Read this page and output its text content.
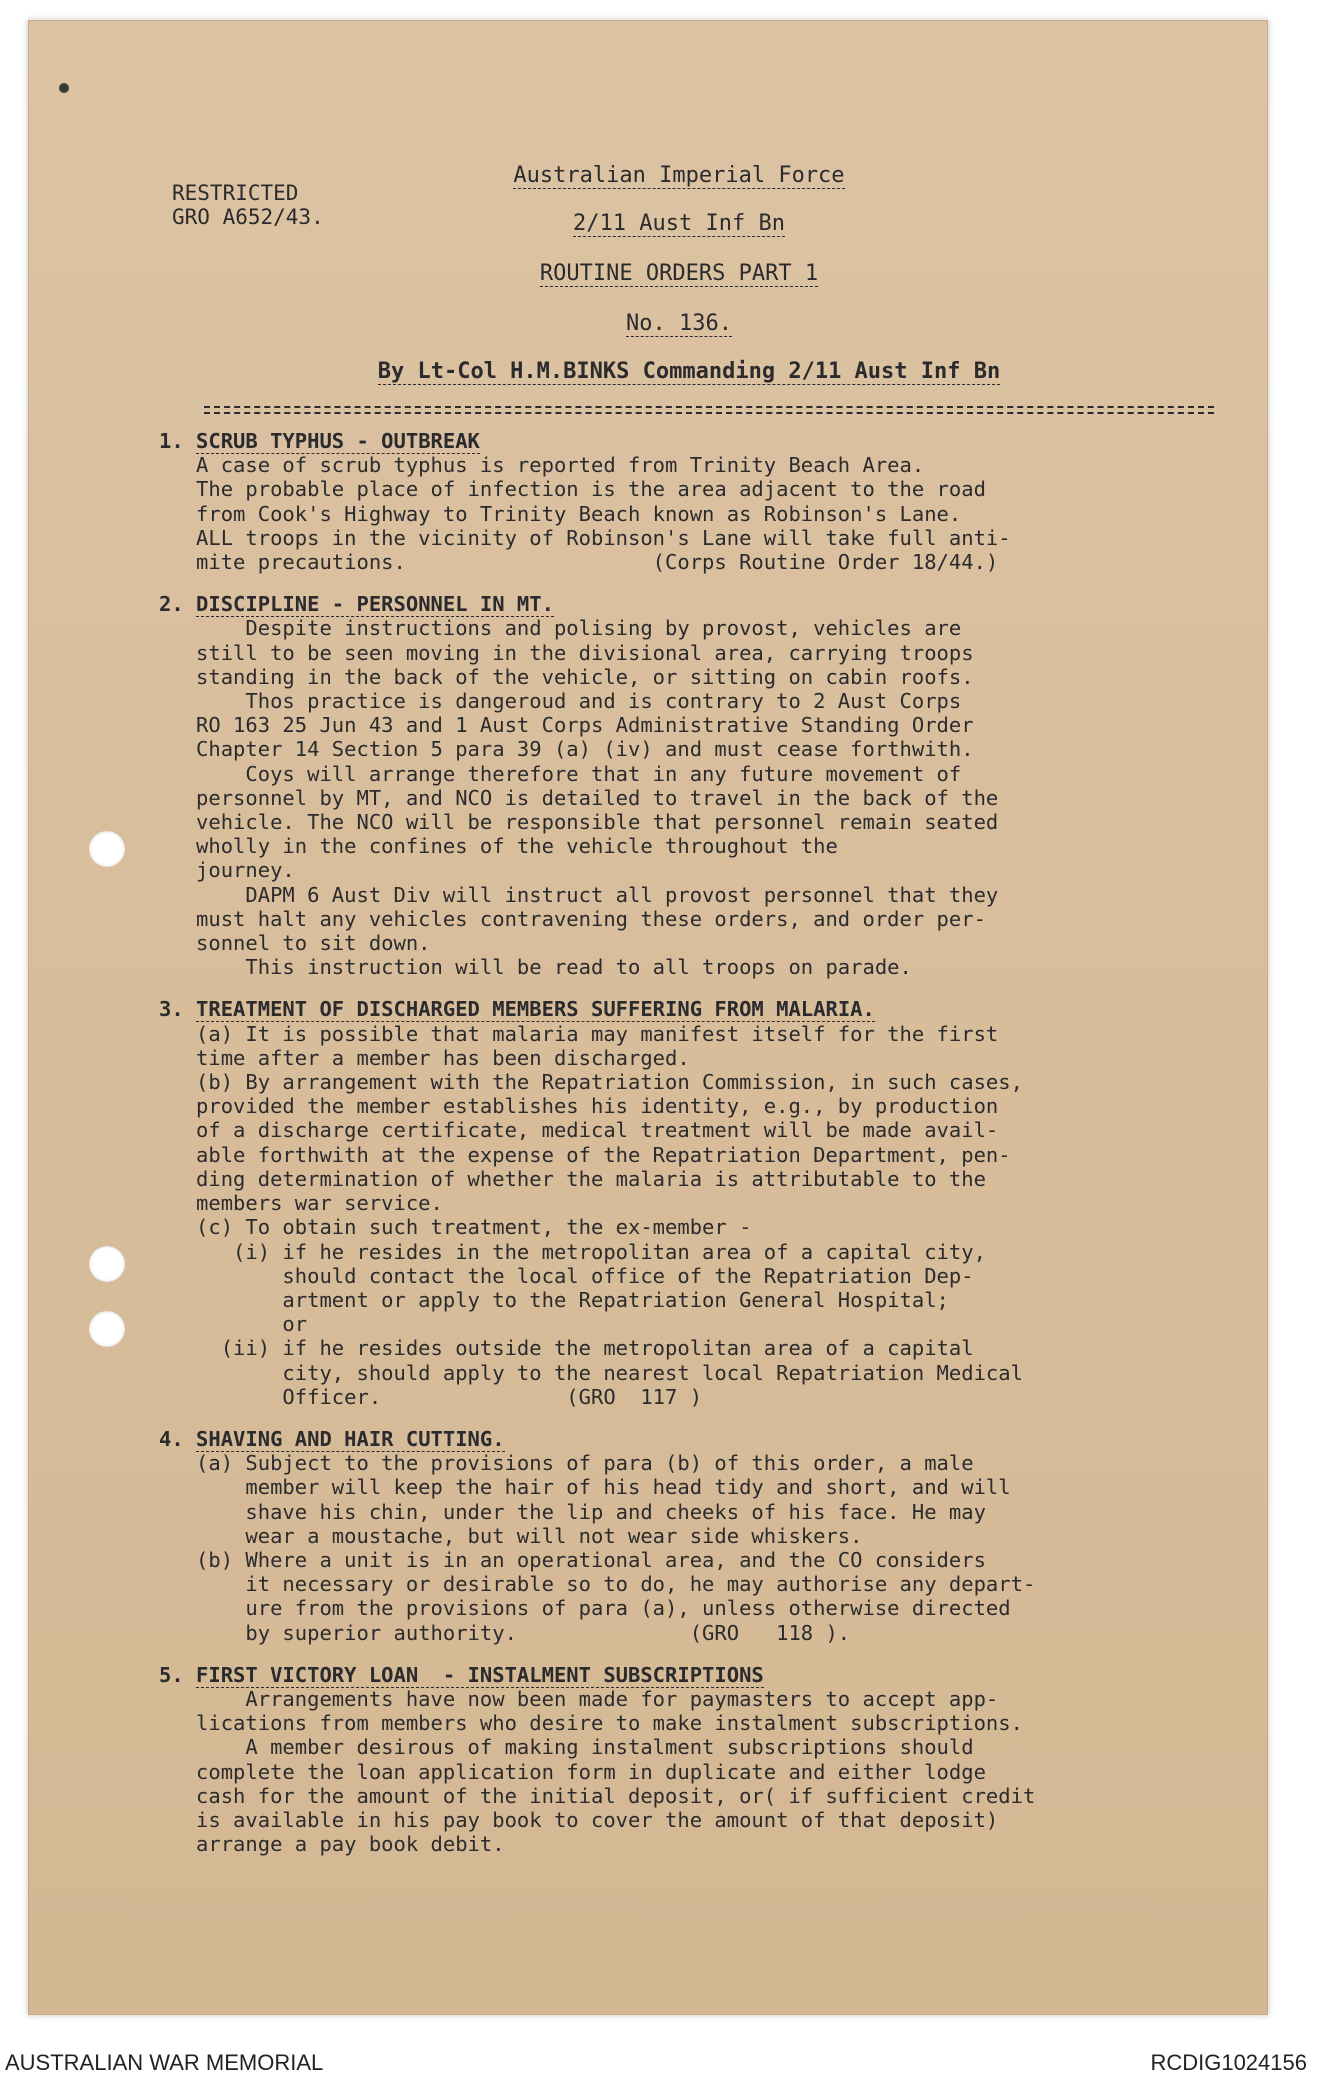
RESTRICTED
GRO A652/43.
Australian Imperial Force
2/11 Aust Inf Bn
ROUTINE ORDERS PART 1
No. 136.
By Lt-Col H.M.BINKS Commanding 2/11 Aust Inf Bn
1. SCRUB TYPHUS - OUTBREAK
A case of scrub typhus is reported from Trinity Beach Area.
The probable place of infection is the area adjacent to the road
from Cook's Highway to Trinity Beach known as Robinson's Lane.
ALL troops in the vicinity of Robinson's Lane will take full anti-
mite precautions.                    (Corps Routine Order 18/44.)
2. DISCIPLINE - PERSONNEL IN MT.
Despite instructions and polising by provost, vehicles are
still to be seen moving in the divisional area, carrying troops
standing in the back of the vehicle, or sitting on cabin roofs.
Thos practice is dangeroud and is contrary to 2 Aust Corps
RO 163 25 Jun 43 and 1 Aust Corps Administrative Standing Order
Chapter 14 Section 5 para 39 (a) (iv) and must cease forthwith.
Coys will arrange therefore that in any future movement of
personnel by MT, and NCO is detailed to travel in the back of the
vehicle. The NCO will be responsible that personnel remain seated
wholly in the confines of the vehicle throughout the
journey.
DAPM 6 Aust Div will instruct all provost personnel that they
must halt any vehicles contravening these orders, and order per-
sonnel to sit down.
This instruction will be read to all troops on parade.
3. TREATMENT OF DISCHARGED MEMBERS SUFFERING FROM MALARIA.
(a) It is possible that malaria may manifest itself for the first
time after a member has been discharged.
(b) By arrangement with the Repatriation Commission, in such cases,
provided the member establishes his identity, e.g., by production
of a discharge certificate, medical treatment will be made avail-
able forthwith at the expense of the Repatriation Department, pen-
ding determination of whether the malaria is attributable to the
members war service.
(c) To obtain such treatment, the ex-member -
(i) if he resides in the metropolitan area of a capital city,
should contact the local office of the Repatriation Dep-
artment or apply to the Repatriation General Hospital;
or
(ii) if he resides outside the metropolitan area of a capital
city, should apply to the nearest local Repatriation Medical
Officer.               (GRO  117 )
4. SHAVING AND HAIR CUTTING.
(a) Subject to the provisions of para (b) of this order, a male
member will keep the hair of his head tidy and short, and will
shave his chin, under the lip and cheeks of his face. He may
wear a moustache, but will not wear side whiskers.
(b) Where a unit is in an operational area, and the CO considers
it necessary or desirable so to do, he may authorise any depart-
ure from the provisions of para (a), unless otherwise directed
by superior authority.              (GRO   118 ).
5. FIRST VICTORY LOAN  - INSTALMENT SUBSCRIPTIONS
Arrangements have now been made for paymasters to accept app-
lications from members who desire to make instalment subscriptions.
A member desirous of making instalment subscriptions should
complete the loan application form in duplicate and either lodge
cash for the amount of the initial deposit, or( if sufficient credit
is available in his pay book to cover the amount of that deposit)
arrange a pay book debit.
AUSTRALIAN WAR MEMORIAL	RCDIG1024156
